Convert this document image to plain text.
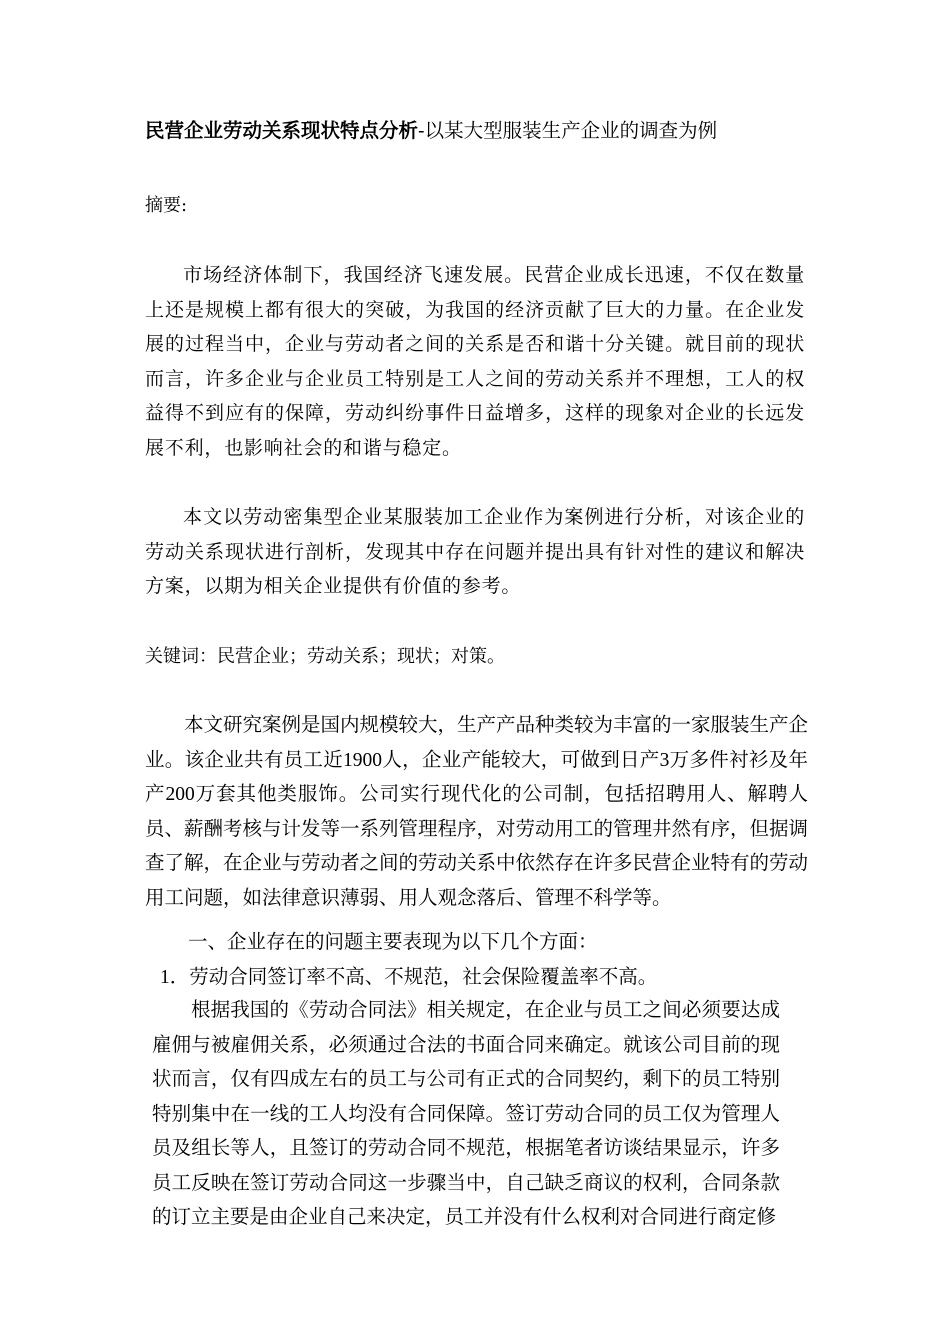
民营企业劳动关系现状特点分析-以某大型服装生产企业的调查为例
摘要:

市场经济体制下，我国经济飞速发展。民营企业成长迅速，不仅在数量上还是规模上都有很大的突破，为我国的经济贡献了巨大的力量。在企业发展的过程当中，企业与劳动者之间的关系是否和谐十分关键。就目前的现状而言，许多企业与企业员工特别是工人之间的劳动关系并不理想，工人的权益得不到应有的保障，劳动纠纷事件日益增多，这样的现象对企业的长远发展不利，也影响社会的和谐与稳定。

本文以劳动密集型企业某服装加工企业作为案例进行分析，对该企业的劳动关系现状进行剖析，发现其中存在问题并提出具有针对性的建议和解决方案，以期为相关企业提供有价值的参考。

关键词：民营企业；劳动关系；现状；对策。

本文研究案例是国内规模较大，生产产品种类较为丰富的一家服装生产企业。该企业共有员工近1900人，企业产能较大，可做到日产3万多件衬衫及年产200万套其他类服饰。公司实行现代化的公司制，包括招聘用人、解聘人员、薪酬考核与计发等一系列管理程序，对劳动用工的管理井然有序，但据调查了解，在企业与劳动者之间的劳动关系中依然存在许多民营企业特有的劳动用工问题，如法律意识薄弱、用人观念落后、管理不科学等。

一、企业存在的问题主要表现为以下几个方面：
1．劳动合同签订率不高、不规范，社会保险覆盖率不高。

根据我国的《劳动合同法》相关规定，在企业与员工之间必须要达成雇佣与被雇佣关系，必须通过合法的书面合同来确定。就该公司目前的现状而言，仅有四成左右的员工与公司有正式的合同契约，剩下的员工特别特别集中在一线的工人均没有合同保障。签订劳动合同的员工仅为管理人员及组长等人，且签订的劳动合同不规范，根据笔者访谈结果显示，许多员工反映在签订劳动合同这一步骤当中，自己缺乏商议的权利，合同条款的订立主要是由企业自己来决定，员工并没有什么权利对合同进行商定修
